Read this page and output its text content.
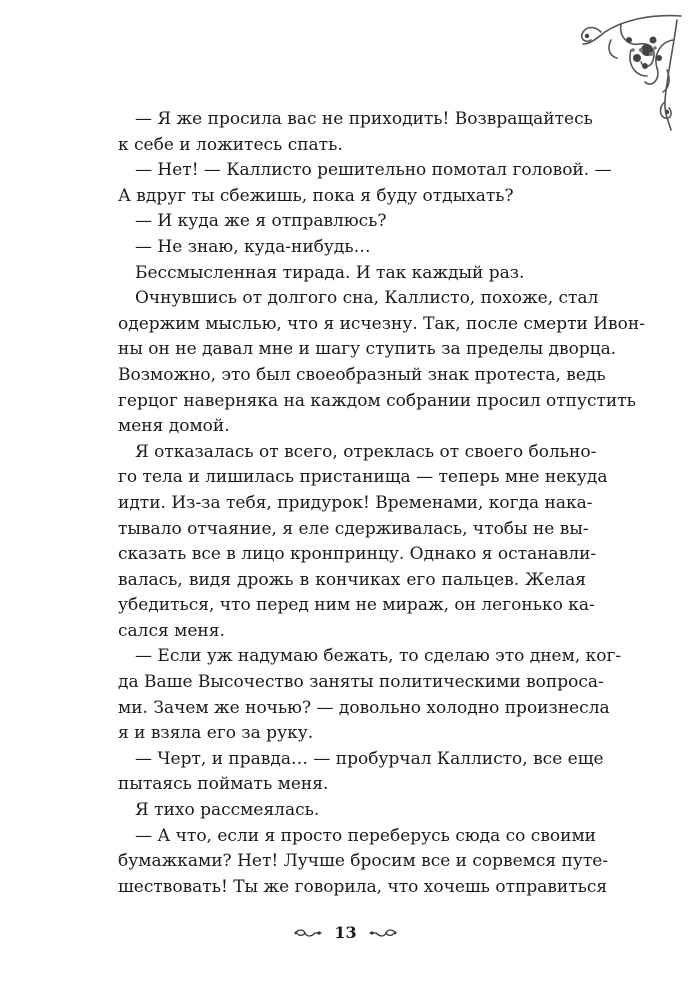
— Я же просила вас не приходить! Возвращайтесь
к себе и ложитесь спать.
— Нет! — Каллисто решительно помотал головой. —
А вдруг ты сбежишь, пока я буду отдыхать?
— И куда же я отправлюсь?
— Не знаю, куда-нибудь…
Бессмысленная тирада. И так каждый раз.
Очнувшись от долгого сна, Каллисто, похоже, стал
одержим мыслью, что я исчезну. Так, после смерти Ивон-
ны он не давал мне и шагу ступить за пределы дворца.
Возможно, это был своеобразный знак протеста, ведь
герцог наверняка на каждом собрании просил отпустить
меня домой.
Я отказалась от всего, отреклась от своего больно-
го тела и лишилась пристанища — теперь мне некуда
идти. Из-за тебя, придурок! Временами, когда нака-
тывало отчаяние, я еле сдерживалась, чтобы не вы-
сказать все в лицо кронпринцу. Однако я останавли-
валась, видя дрожь в кончиках его пальцев. Желая
убедиться, что перед ним не мираж, он легонько ка-
сался меня.
— Если уж надумаю бежать, то сделаю это днем, ког-
да Ваше Высочество заняты политическими вопроса-
ми. Зачем же ночью? — довольно холодно произнесла
я и взяла его за руку.
— Черт, и правда… — пробурчал Каллисто, все еще
пытаясь поймать меня.
Я тихо рассмеялась.
— А что, если я просто переберусь сюда со своими
бумажками? Нет! Лучше бросим все и сорвемся путе-
шествовать! Ты же говорила, что хочешь отправиться
13
